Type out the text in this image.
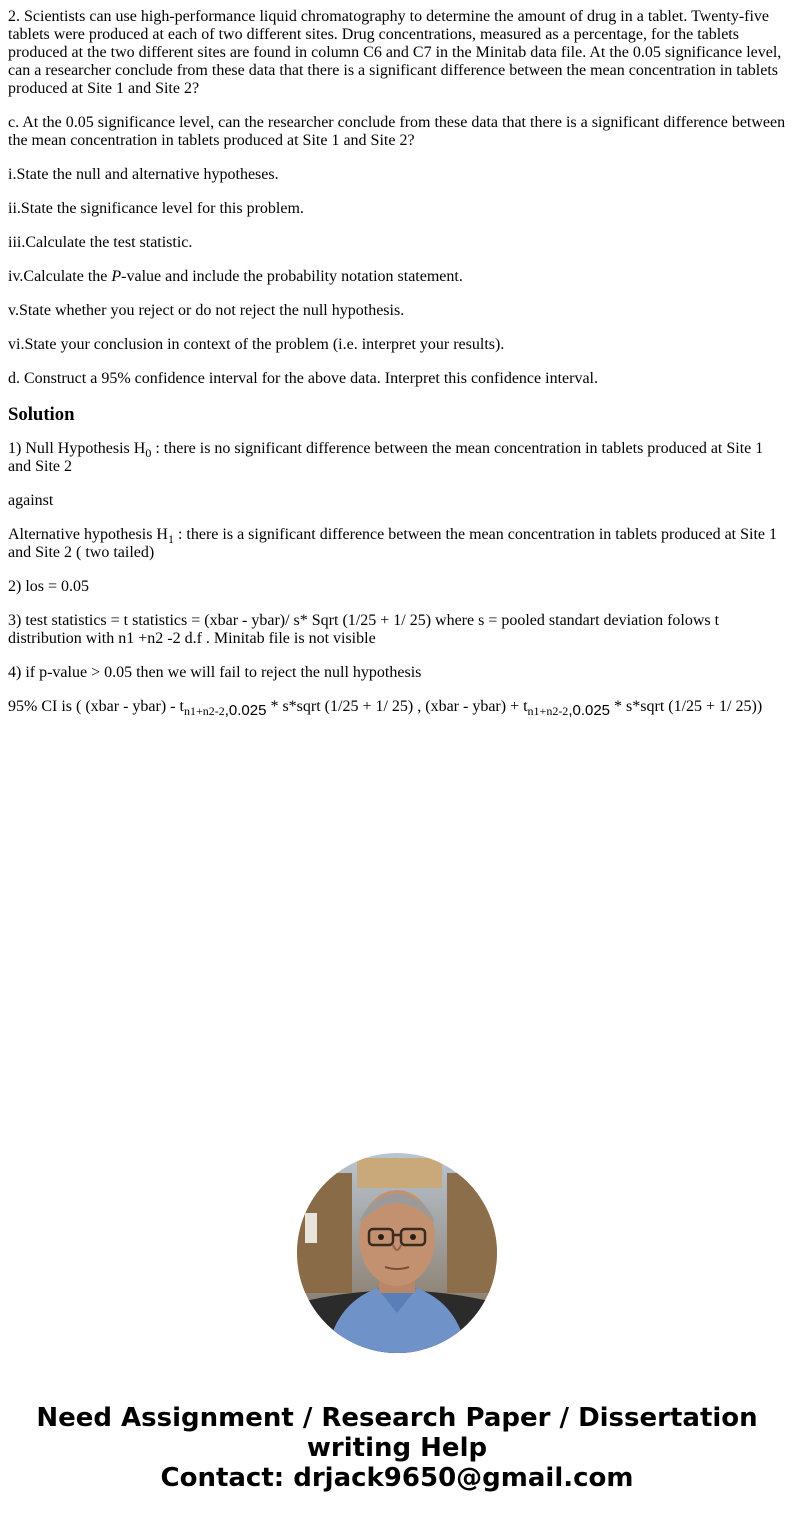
2. Scientists can use high-performance liquid chromatography to determine the amount of drug in a tablet. Twenty-five tablets were produced at each of two different sites. Drug concentrations, measured as a percentage, for the tablets produced at the two different sites are found in column C6 and C7 in the Minitab data file. At the 0.05 significance level, can a researcher conclude from these data that there is a significant difference between the mean concentration in tablets produced at Site 1 and Site 2?

c. At the 0.05 significance level, can the researcher conclude from these data that there is a significant difference between the mean concentration in tablets produced at Site 1 and Site 2?

i.State the null and alternative hypotheses.

ii.State the significance level for this problem.

iii.Calculate the test statistic.

iv.Calculate the P-value and include the probability notation statement.

v.State whether you reject or do not reject the null hypothesis.

vi.State your conclusion in context of the problem (i.e. interpret your results).

d. Construct a 95% confidence interval for the above data. Interpret this confidence interval.

Solution

1) Null Hypothesis $H_0$ : there is no significant difference between the mean concentration in tablets produced at Site 1 and Site 2

against

Alternative hypothesis $H_1$ : there is a significant difference between the mean concentration in tablets produced at Site 1 and Site 2 ( two tailed)

2) los = 0.05

3) test statistics = t statistics = (xbar - ybar)/ s* Sqrt (1/25 + 1/ 25) where s = pooled standart deviation folows t distribution with n1 +n2 -2 d.f . Minitab file is not visible

4) if p-value > 0.05 then we will fail to reject the null hypothesis

95% CI is ( (xbar - ybar) - $t_{n1+n2-2,0.025}$ * s*sqrt (1/25 + 1/ 25) , (xbar - ybar) + $t_{n1+n2-2,0.025}$ * s*sqrt (1/25 + 1/ 25))

Need Assignment / Research Paper / Dissertation
writing Help
Contact: drjack9650@gmail.com
